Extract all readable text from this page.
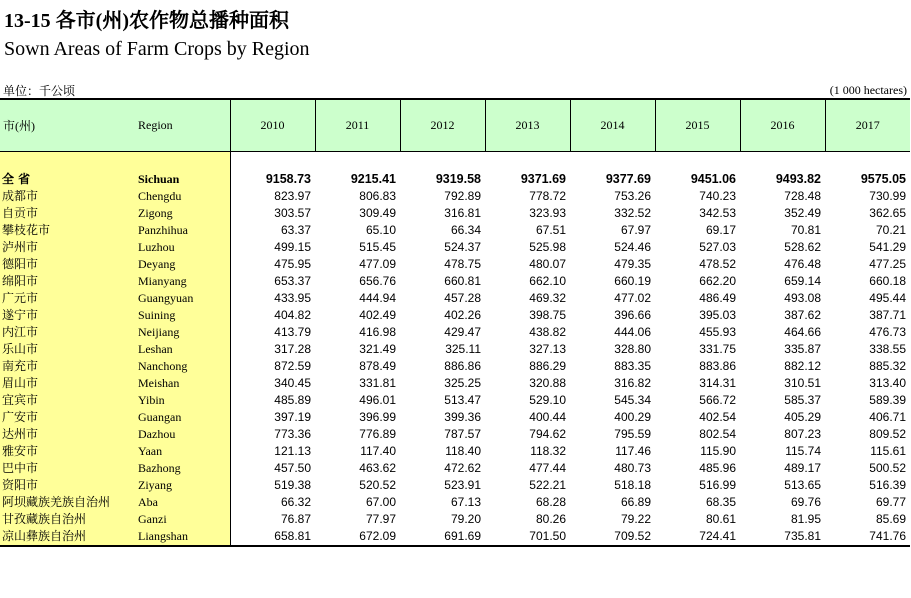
13-15 各市(州)农作物总播种面积
Sown Areas of Farm Crops by Region
单位：千公顷	(1 000 hectares)
市(州)	Region	2010	2011	2012	2013	2014	2015	2016	2017

全 省	Sichuan	9158.73	9215.41	9319.58	9371.69	9377.69	9451.06	9493.82	9575.05
成都市	Chengdu	823.97	806.83	792.89	778.72	753.26	740.23	728.48	730.99
自贡市	Zigong	303.57	309.49	316.81	323.93	332.52	342.53	352.49	362.65
攀枝花市	Panzhihua	63.37	65.10	66.34	67.51	67.97	69.17	70.81	70.21
泸州市	Luzhou	499.15	515.45	524.37	525.98	524.46	527.03	528.62	541.29
德阳市	Deyang	475.95	477.09	478.75	480.07	479.35	478.52	476.48	477.25
绵阳市	Mianyang	653.37	656.76	660.81	662.10	660.19	662.20	659.14	660.18
广元市	Guangyuan	433.95	444.94	457.28	469.32	477.02	486.49	493.08	495.44
遂宁市	Suining	404.82	402.49	402.26	398.75	396.66	395.03	387.62	387.71
内江市	Neijiang	413.79	416.98	429.47	438.82	444.06	455.93	464.66	476.73
乐山市	Leshan	317.28	321.49	325.11	327.13	328.80	331.75	335.87	338.55
南充市	Nanchong	872.59	878.49	886.86	886.29	883.35	883.86	882.12	885.32
眉山市	Meishan	340.45	331.81	325.25	320.88	316.82	314.31	310.51	313.40
宜宾市	Yibin	485.89	496.01	513.47	529.10	545.34	566.72	585.37	589.39
广安市	Guangan	397.19	396.99	399.36	400.44	400.29	402.54	405.29	406.71
达州市	Dazhou	773.36	776.89	787.57	794.62	795.59	802.54	807.23	809.52
雅安市	Yaan	121.13	117.40	118.40	118.32	117.46	115.90	115.74	115.61
巴中市	Bazhong	457.50	463.62	472.62	477.44	480.73	485.96	489.17	500.52
资阳市	Ziyang	519.38	520.52	523.91	522.21	518.18	516.99	513.65	516.39
阿坝藏族羌族自治州	Aba	66.32	67.00	67.13	68.28	66.89	68.35	69.76	69.77
甘孜藏族自治州	Ganzi	76.87	77.97	79.20	80.26	79.22	80.61	81.95	85.69
凉山彝族自治州	Liangshan	658.81	672.09	691.69	701.50	709.52	724.41	735.81	741.76
